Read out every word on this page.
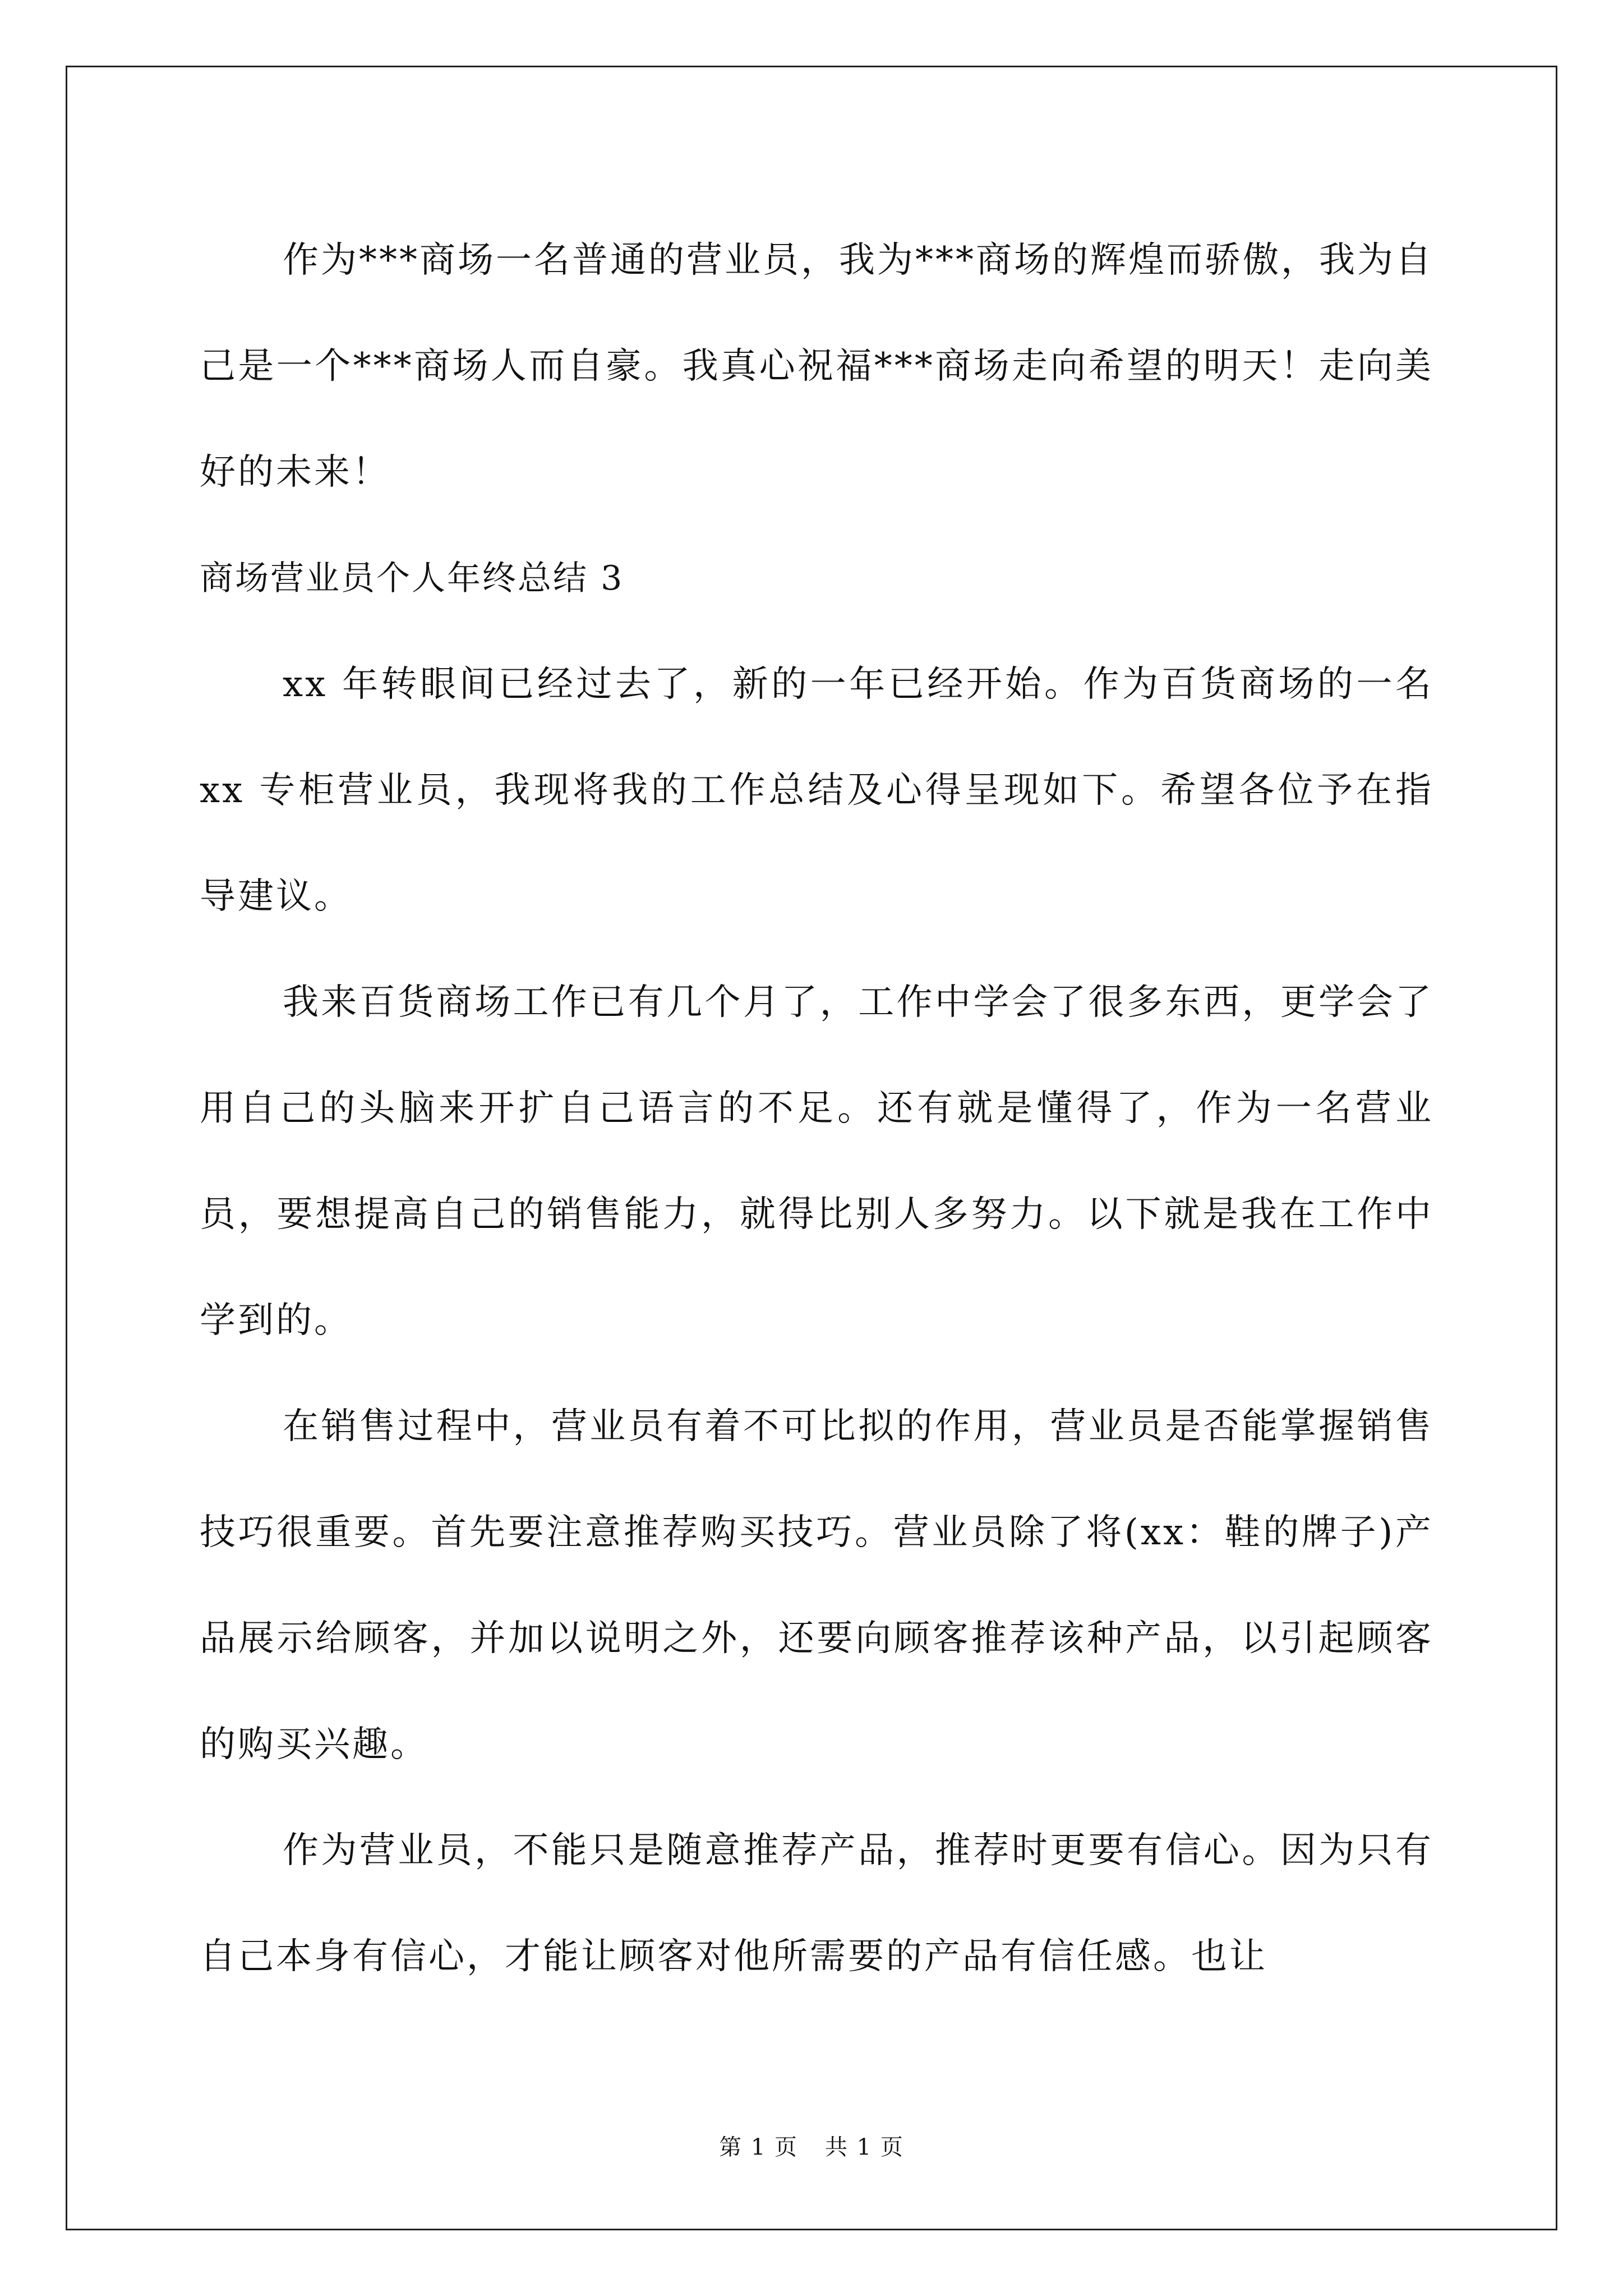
作为***商场一名普通的营业员，我为***商场的辉煌而骄傲，我为自己是一个***商场人而自豪。我真心祝福***商场走向希望的明天！走向美好的未来！

商场营业员个人年终总结 3

xx 年转眼间已经过去了，新的一年已经开始。作为百货商场的一名 xx 专柜营业员，我现将我的工作总结及心得呈现如下。希望各位予在指导建议。

我来百货商场工作已有几个月了，工作中学会了很多东西，更学会了用自己的头脑来开扩自己语言的不足。还有就是懂得了，作为一名营业员，要想提高自己的销售能力，就得比别人多努力。以下就是我在工作中学到的。

在销售过程中，营业员有着不可比拟的作用，营业员是否能掌握销售技巧很重要。首先要注意推荐购买技巧。营业员除了将(xx：鞋的牌子)产品展示给顾客，并加以说明之外，还要向顾客推荐该种产品，以引起顾客的购买兴趣。

作为营业员，不能只是随意推荐产品，推荐时更要有信心。因为只有自己本身有信心，才能让顾客对他所需要的产品有信任感。也让

第 1 页 共 1 页
